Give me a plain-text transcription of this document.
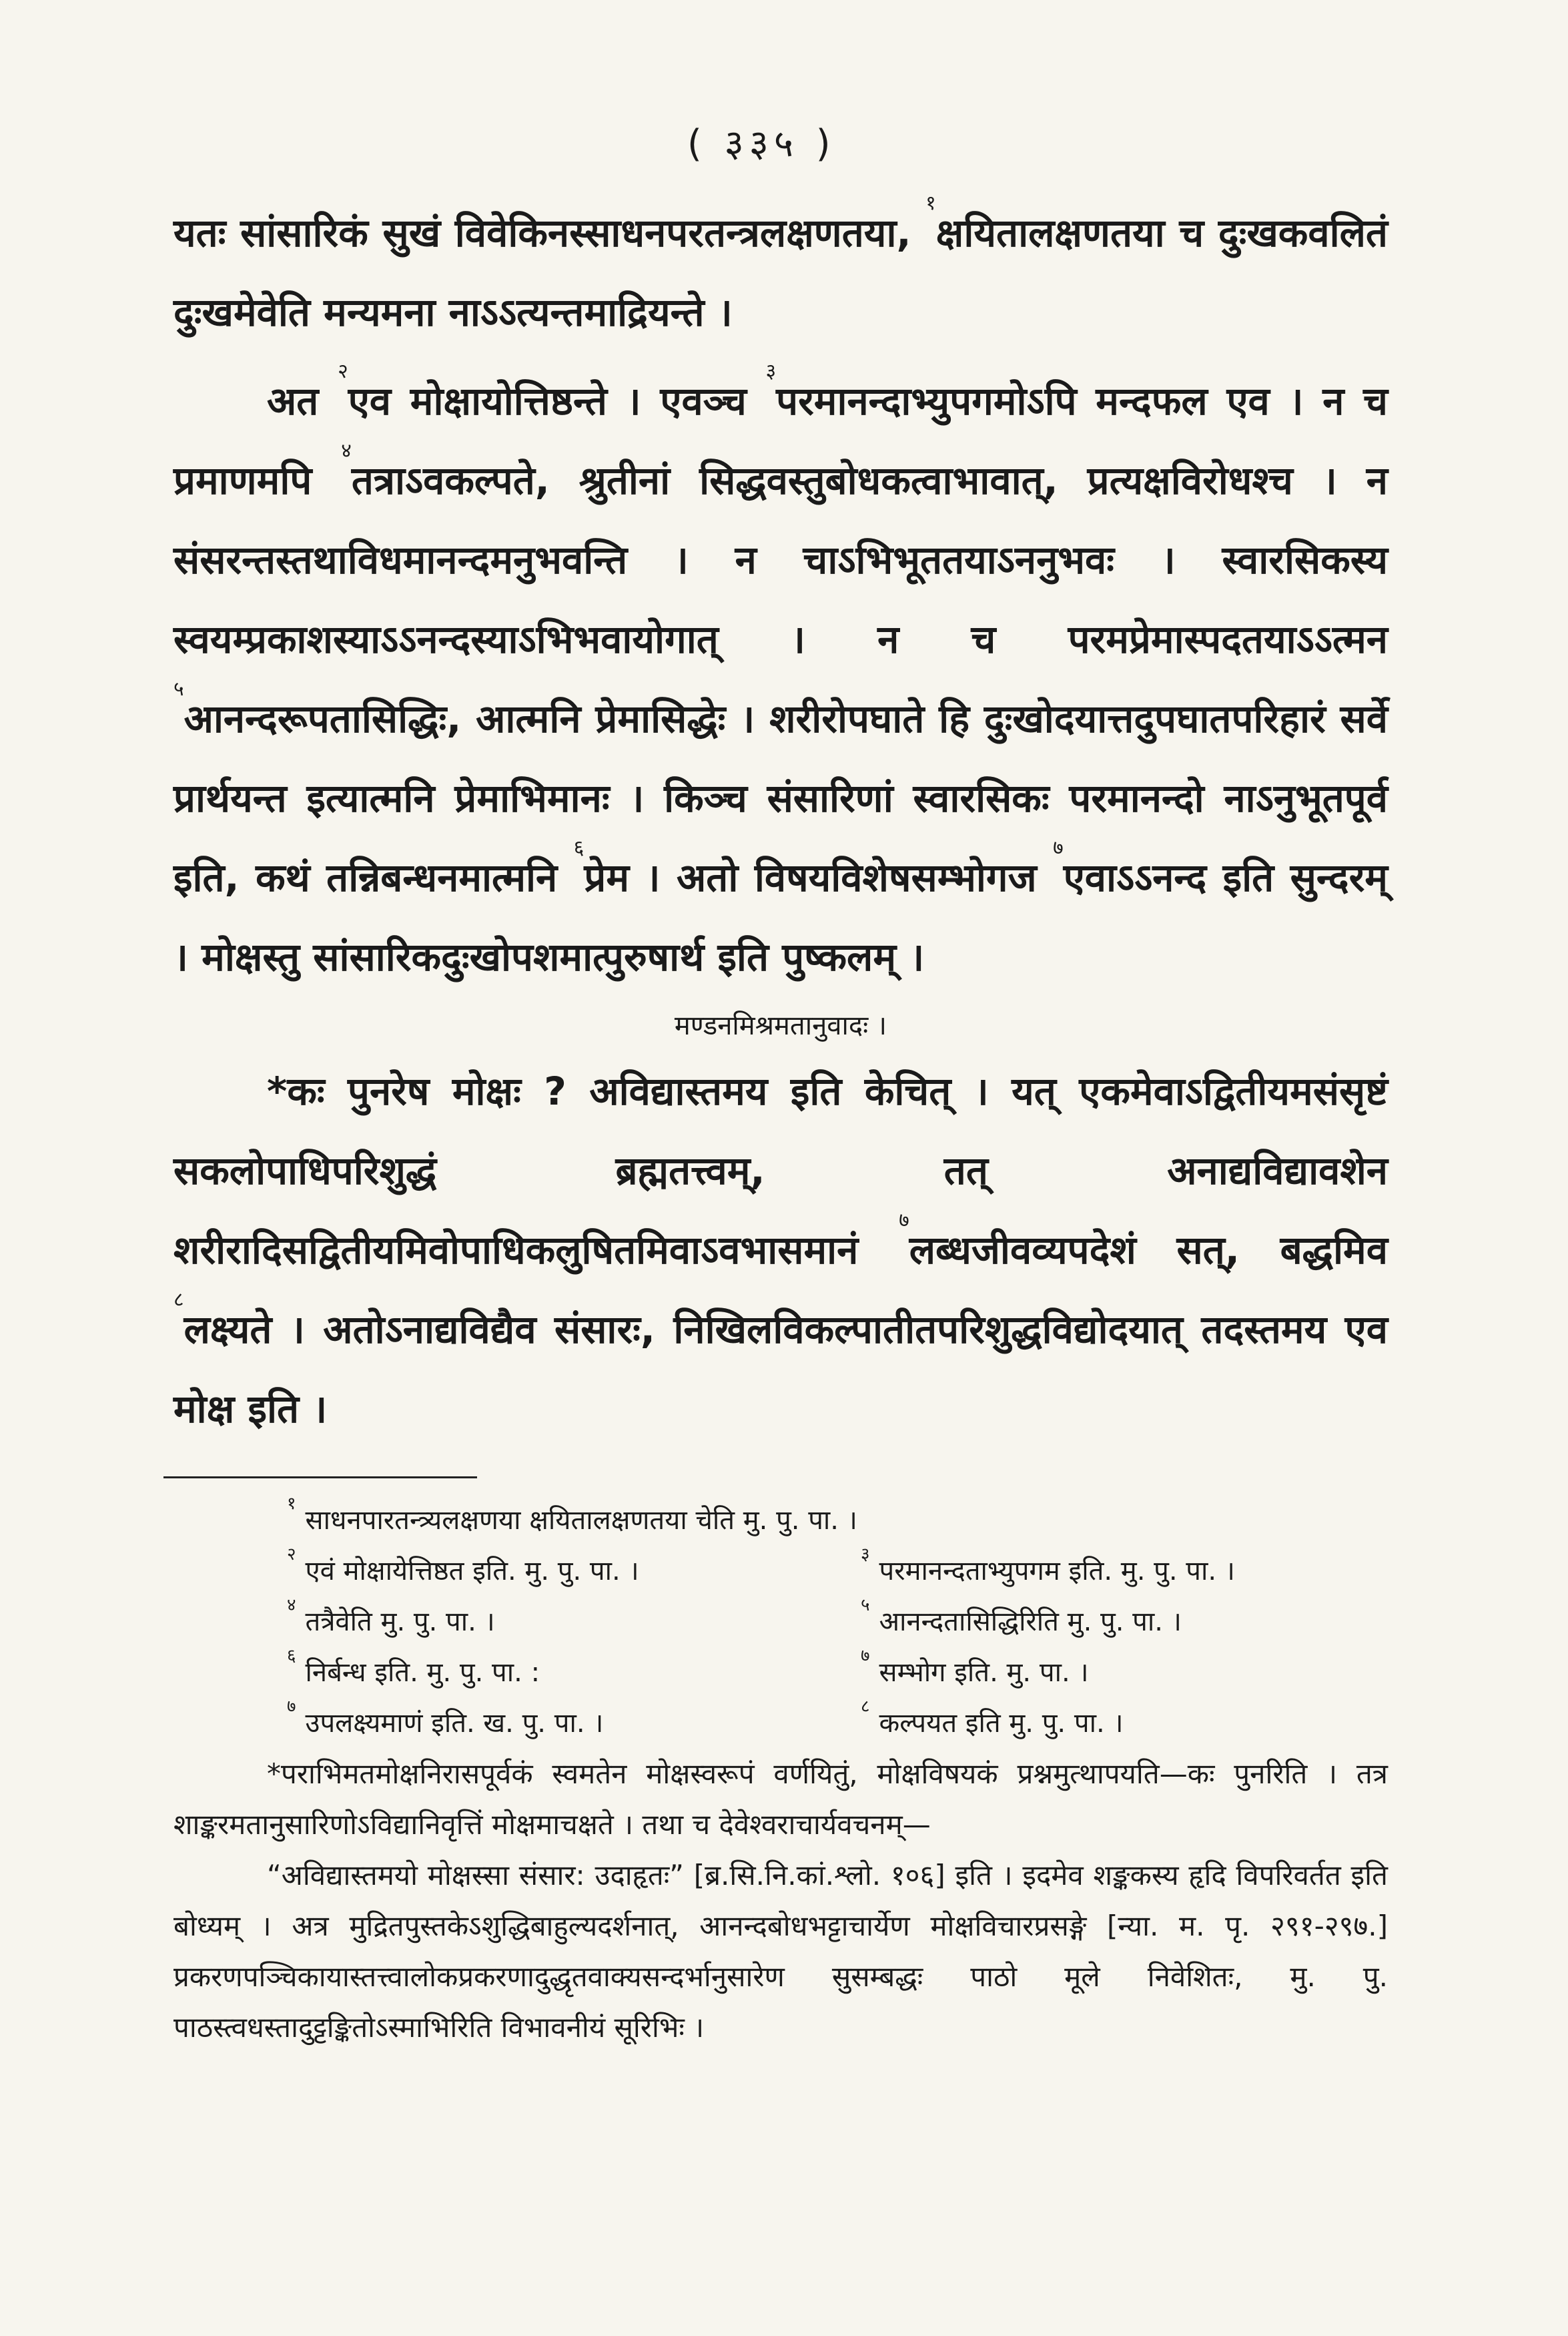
( ३३५ )

यतः सांसारिकं सुखं विवेकिनस्साधनपरतन्त्रलक्षणतया, $^१$क्षयितालक्षणतया च दुःखकवलितं दुःखमेवेति मन्यमना नाऽऽत्यन्तमाद्रियन्ते ।

अत $^२$एव मोक्षायोत्तिष्ठन्ते । एवञ्च $^३$परमानन्दाभ्युपगमोऽपि मन्दफल एव । न च प्रमाणमपि $^४$तत्राऽवकल्पते, श्रुतीनां सिद्धवस्तुबोधकत्वाभावात्, प्रत्यक्षविरोधश्च । न संसरन्तस्तथाविधमानन्दमनुभवन्ति । न चाऽभिभूततयाऽननुभवः । स्वारसिकस्य स्वयम्प्रकाशस्याऽऽनन्दस्याऽभिभवायोगात् । न च परमप्रेमास्पदतयाऽऽत्मन $^५$आनन्दरूपतासिद्धिः, आत्मनि प्रेमासिद्धेः । शरीरोपघाते हि दुःखोदयात्तदुपघातपरिहारं सर्वे प्रार्थयन्त इत्यात्मनि प्रेमाभिमानः । किञ्च संसारिणां स्वारसिकः परमानन्दो नाऽनुभूतपूर्व इति, कथं तन्निबन्धनमात्मनि $^६$प्रेम । अतो विषयविशेषसम्भोगज $^७$एवाऽऽनन्द इति सुन्दरम् । मोक्षस्तु सांसारिकदुःखोपशमात्पुरुषार्थ इति पुष्कलम् ।

मण्डनमिश्रमतानुवादः ।

*कः पुनरेष मोक्षः ? अविद्यास्तमय इति केचित् । यत् एकमेवाऽद्वितीयमसंसृष्टं सकलोपाधिपरिशुद्धं ब्रह्मतत्त्वम्, तत् अनाद्यविद्यावशेन शरीरादिसद्वितीयमिवोपाधिकलुषितमिवाऽवभासमानं $^७$लब्धजीवव्यपदेशं सत्, बद्धमिव $^८$लक्ष्यते । अतोऽनाद्यविद्यैव संसारः, निखिलविकल्पातीतपरिशुद्धविद्योदयात् तदस्तमय एव मोक्ष इति ।

$^१$साधनपारतन्त्र्यलक्षणया क्षयितालक्षणतया चेति मु. पु. पा. ।
$^२$एवं मोक्षायेत्तिष्ठत इति. मु. पु. पा. ।
$^३$परमानन्दताभ्युपगम इति. मु. पु. पा. ।
$^४$तत्रैवेति मु. पु. पा. ।
$^५$आनन्दतासिद्धिरिति मु. पु. पा. ।
$^६$निर्बन्ध इति. मु. पु. पा. :
$^७$सम्भोग इति. मु. पा. ।
$^७$उपलक्ष्यमाणं इति. ख. पु. पा. ।
$^८$कल्पयत इति मु. पु. पा. ।

*पराभिमतमोक्षनिरासपूर्वकं स्वमतेन मोक्षस्वरूपं वर्णयितुं, मोक्षविषयकं प्रश्नमुत्थापयति—कः पुनरिति । तत्र शाङ्करमतानुसारिणोऽविद्यानिवृत्तिं मोक्षमाचक्षते । तथा च देवेश्वराचार्यवचनम्—

“अविद्यास्तमयो मोक्षस्सा संसार: उदाहृतः” [ब्र.सि.नि.कां.श्लो. १०६] इति । इदमेव शङ्ककस्य हृदि विपरिवर्तत इति बोध्यम् । अत्र मुद्रितपुस्तकेऽशुद्धिबाहुल्यदर्शनात्, आनन्दबोधभट्टाचार्येण मोक्षविचारप्रसङ्गे [न्या. म. पृ. २९१-२९७.] प्रकरणपञ्चिकायास्तत्त्वालोकप्रकरणादुद्धृतवाक्यसन्दर्भानुसारेण सुसम्बद्धः पाठो मूले निवेशितः, मु. पु. पाठस्त्वधस्तादुट्टङ्कितोऽस्माभिरिति विभावनीयं सूरिभिः ।
